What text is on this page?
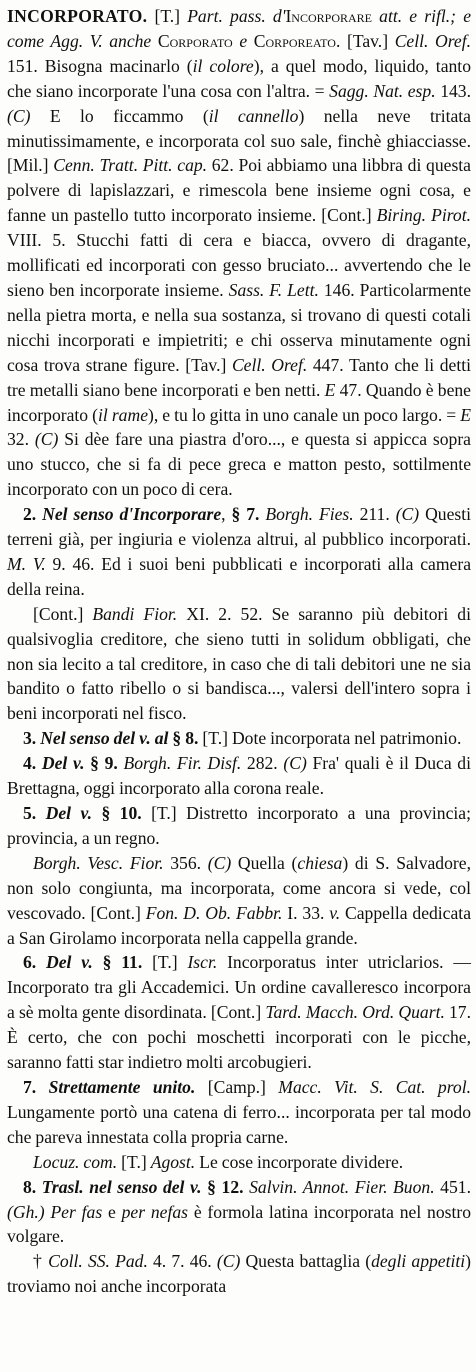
INCORPORATO. [T.] Part. pass. d'Incorporare att. e rifl.; e come Agg. V. anche Corporato e Corporeato. [Tav.] Cell. Oref. 151. Bisogna macinarlo (il colore), a quel modo, liquido, tanto che siano incorporate l'una cosa con l'altra. = Sagg. Nat. esp. 143. (C) E lo ficcammo (il cannello) nella neve tritata minutissimamente, e incorporata col suo sale, finchè ghiacciasse. [Mil.] Cenn. Tratt. Pitt. cap. 62. Poi abbiamo una libbra di questa polvere di lapislazzari, e rimescola bene insieme ogni cosa, e fanne un pastello tutto incorporato insieme. [Cont.] Biring. Pirot. VIII. 5. Stucchi fatti di cera e biacca, ovvero di dragante, mollificati ed incorporati con gesso bruciato... avvertendo che le sieno ben incorporate insieme. Sass. F. Lett. 146. Particolarmente nella pietra morta, e nella sua sostanza, si trovano di questi cotali nicchi incorporati e impietriti; e chi osserva minutamente ogni cosa trova strane figure. [Tav.] Cell. Oref. 447. Tanto che li detti tre metalli siano bene incorporati e ben netti. E 47. Quando è bene incorporato (il rame), e tu lo gitta in uno canale un poco largo. = E 32. (C) Si dèe fare una piastra d'oro..., e questa si appicca sopra uno stucco, che si fa di pece greca e matton pesto, sottilmente incorporato con un poco di cera.

2. Nel senso d'Incorporare, § 7. Borgh. Fies. 211. (C) Questi terreni già, per ingiuria e violenza altrui, al pubblico incorporati. M. V. 9. 46. Ed i suoi beni pubblicati e incorporati alla camera della reina.

[Cont.] Bandi Fior. XI. 2. 52. Se saranno più debitori di qualsivoglia creditore, che sieno tutti in solidum obbligati, che non sia lecito a tal creditore, in caso che di tali debitori une ne sia bandito o fatto ribello o si bandisca..., valersi dell'intero sopra i beni incorporati nel fisco.

3. Nel senso del v. al § 8. [T.] Dote incorporata nel patrimonio.

4. Del v. § 9. Borgh. Fir. Disf. 282. (C) Fra' quali è il Duca di Brettagna, oggi incorporato alla corona reale.

5. Del v. § 10. [T.] Distretto incorporato a una provincia; provincia, a un regno.

Borgh. Vesc. Fior. 356. (C) Quella (chiesa) di S. Salvadore, non solo congiunta, ma incorporata, come ancora si vede, col vescovado. [Cont.] Fon. D. Ob. Fabbr. I. 33. v. Cappella dedicata a San Girolamo incorporata nella cappella grande.

6. Del v. § 11. [T.] Iscr. Incorporatus inter utriclarios. — Incorporato tra gli Accademici. Un ordine cavalleresco incorpora a sè molta gente disordinata. [Cont.] Tard. Macch. Ord. Quart. 17. È certo, che con pochi moschetti incorporati con le picche, saranno fatti star indietro molti arcobugieri.

7. Strettamente unito. [Camp.] Macc. Vit. S. Cat. prol. Lungamente portò una catena di ferro... incorporata per tal modo che pareva innestata colla propria carne.

Locuz. com. [T.] Agost. Le cose incorporate dividere.

8. Trasl. nel senso del v. § 12. Salvin. Annot. Fier. Buon. 451. (Gh.) Per fas e per nefas è formola latina incorporata nel nostro volgare.

† Coll. SS. Pad. 4. 7. 46. (C) Questa battaglia (degli appetiti) troviamo noi anche incorporata
